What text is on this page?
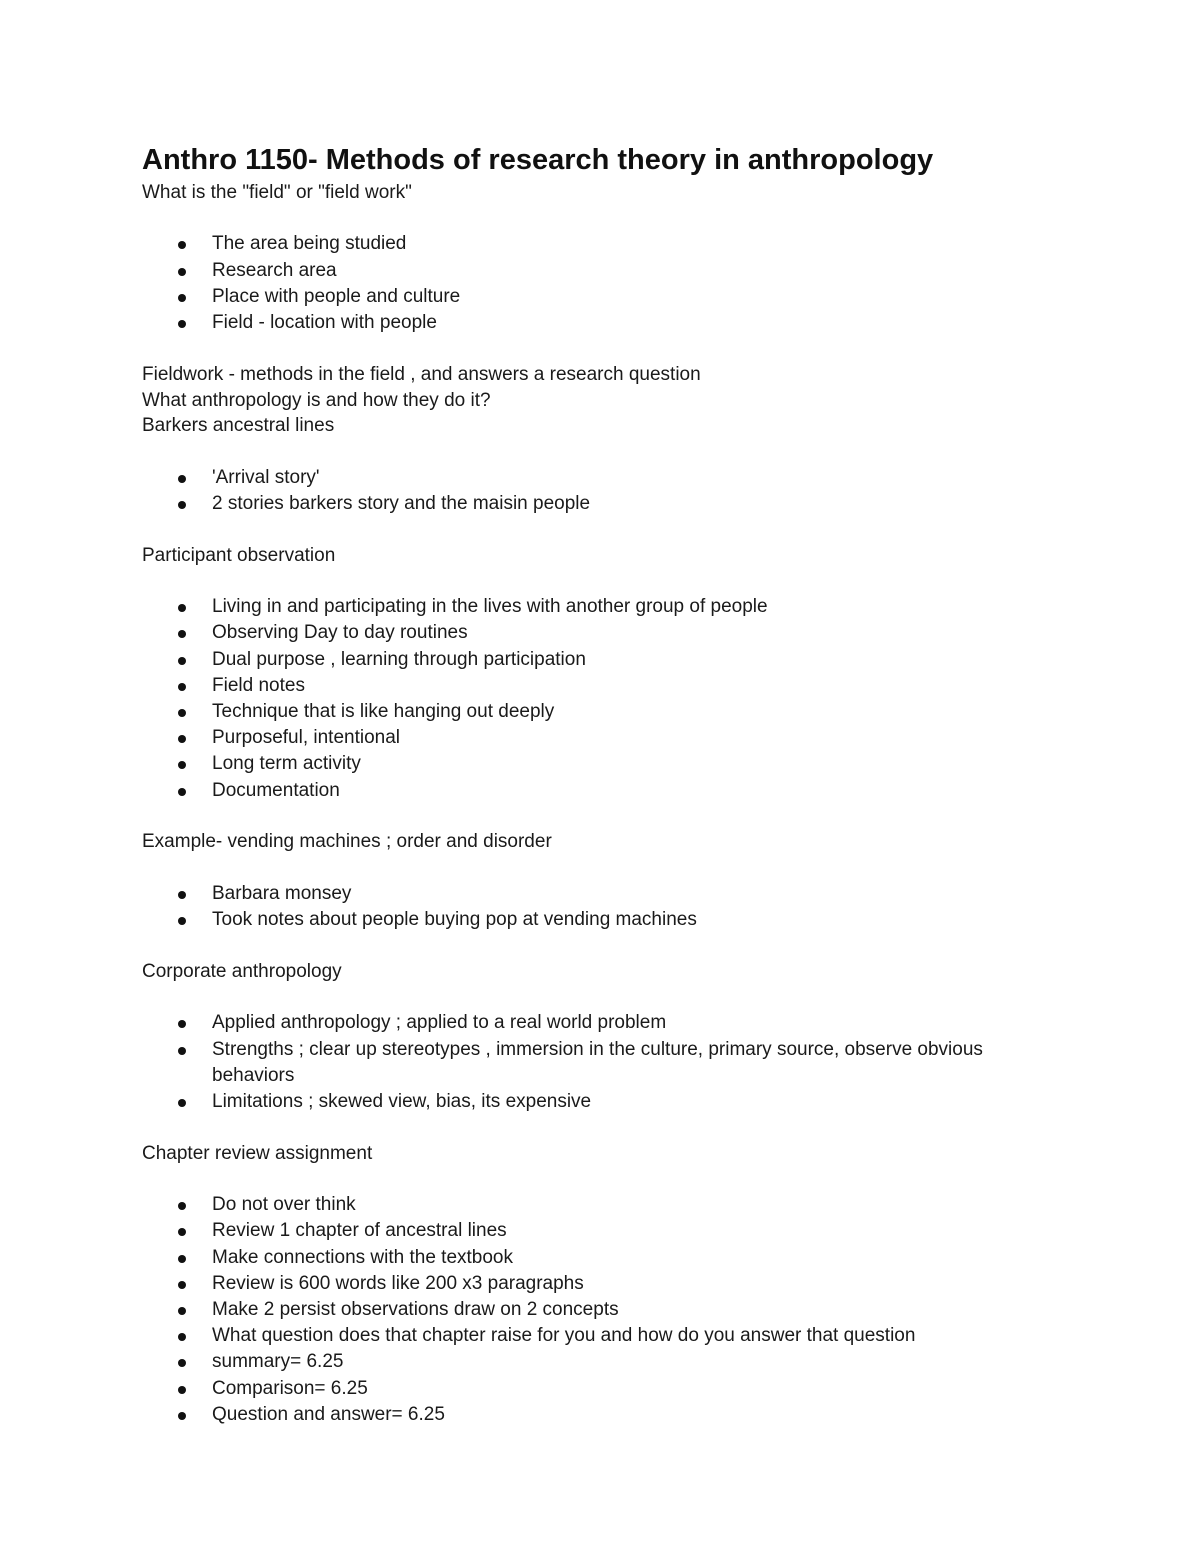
Anthro 1150- Methods of research theory in anthropology

What is the "field" or "field work"

The area being studied
Research area
Place with people and culture
Field - location with people

Fieldwork - methods in the field , and answers a research question

What anthropology is and how they do it?

Barkers ancestral lines

'Arrival story'
2 stories barkers story and the maisin people

Participant observation

Living in and participating in the lives with another group of people
Observing Day to day routines
Dual purpose , learning through participation
Field notes
Technique that is like hanging out deeply
Purposeful, intentional
Long term activity
Documentation

Example- vending machines ; order and disorder

Barbara monsey
Took notes about people buying pop at vending machines

Corporate anthropology

Applied anthropology ; applied to a real world problem
Strengths ; clear up stereotypes , immersion in the culture, primary source, observe obvious behaviors
Limitations ; skewed view, bias, its expensive

Chapter review assignment

Do not over think
Review 1 chapter of ancestral lines
Make connections with the textbook
Review is 600 words like 200 x3 paragraphs
Make 2 persist observations draw on 2 concepts
What question does that chapter raise for you and how do you answer that question
summary= 6.25
Comparison= 6.25
Question and answer= 6.25
